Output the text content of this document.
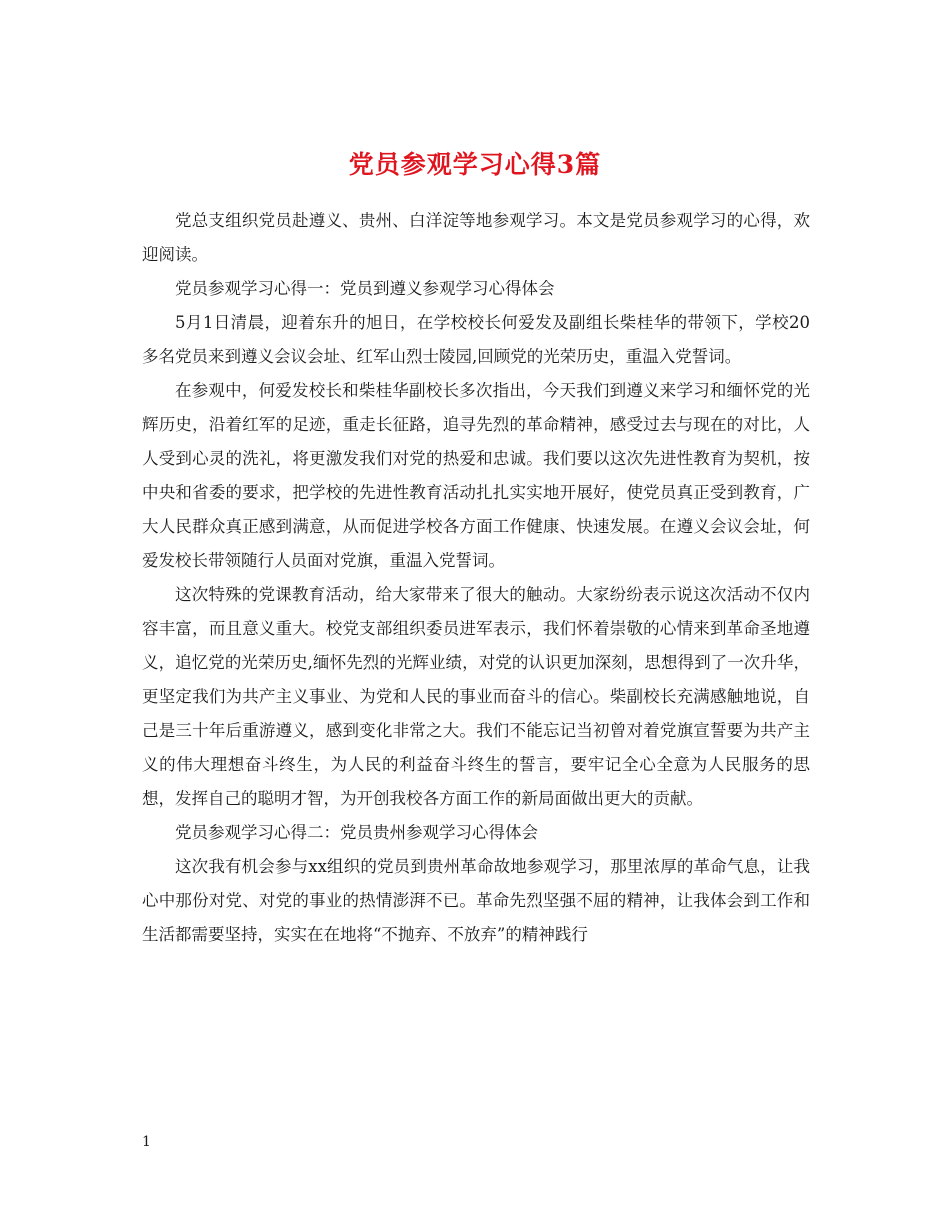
党员参观学习心得3篇

党总支组织党员赴遵义、贵州、白洋淀等地参观学习。本文是党员参观学习的心得，欢迎阅读。

党员参观学习心得一：党员到遵义参观学习心得体会

5月1日清晨，迎着东升的旭日，在学校校长何爱发及副组长柴桂华的带领下，学校20多名党员来到遵义会议会址、红军山烈士陵园,回顾党的光荣历史，重温入党誓词。

在参观中，何爱发校长和柴桂华副校长多次指出，今天我们到遵义来学习和缅怀党的光辉历史，沿着红军的足迹，重走长征路，追寻先烈的革命精神，感受过去与现在的对比，人人受到心灵的洗礼，将更激发我们对党的热爱和忠诚。我们要以这次先进性教育为契机，按中央和省委的要求，把学校的先进性教育活动扎扎实实地开展好，使党员真正受到教育，广大人民群众真正感到满意，从而促进学校各方面工作健康、快速发展。在遵义会议会址，何爱发校长带领随行人员面对党旗，重温入党誓词。

这次特殊的党课教育活动，给大家带来了很大的触动。大家纷纷表示说这次活动不仅内容丰富，而且意义重大。校党支部组织委员进军表示，我们怀着崇敬的心情来到革命圣地遵义，追忆党的光荣历史,缅怀先烈的光辉业绩，对党的认识更加深刻，思想得到了一次升华，更坚定我们为共产主义事业、为党和人民的事业而奋斗的信心。柴副校长充满感触地说，自己是三十年后重游遵义，感到变化非常之大。我们不能忘记当初曾对着党旗宣誓要为共产主义的伟大理想奋斗终生，为人民的利益奋斗终生的誓言，要牢记全心全意为人民服务的思想，发挥自己的聪明才智，为开创我校各方面工作的新局面做出更大的贡献。

党员参观学习心得二：党员贵州参观学习心得体会

这次我有机会参与xx组织的党员到贵州革命故地参观学习，那里浓厚的革命气息，让我心中那份对党、对党的事业的热情澎湃不已。革命先烈坚强不屈的精神，让我体会到工作和生活都需要坚持，实实在在地将“不抛弃、不放弃”的精神践行

1
